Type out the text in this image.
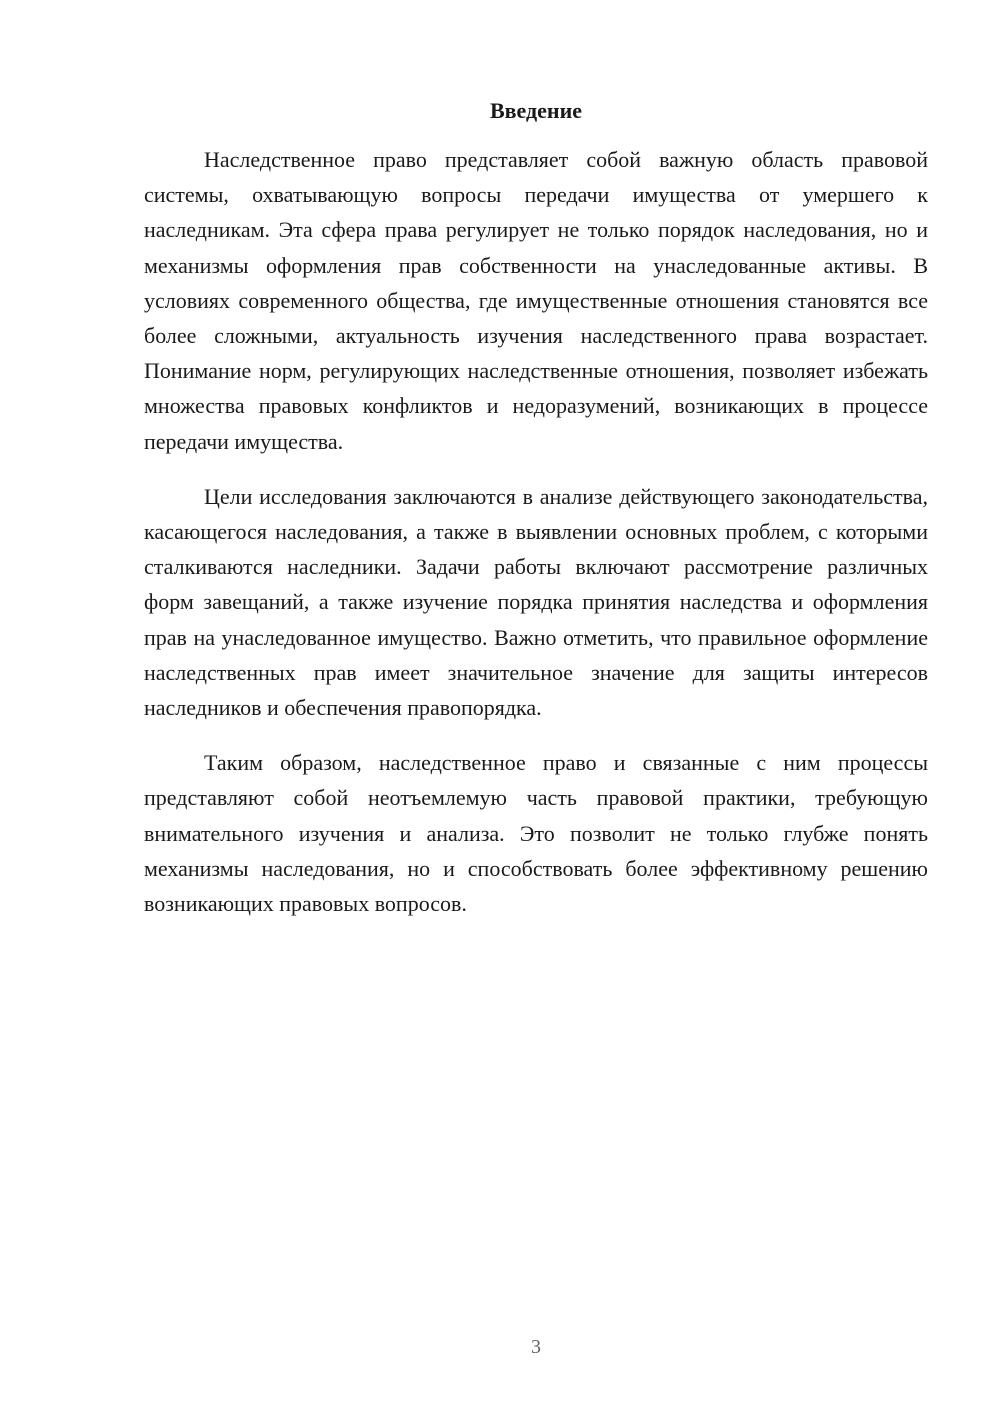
Введение

Наследственное право представляет собой важную область правовой системы, охватывающую вопросы передачи имущества от умершего к наследникам. Эта сфера права регулирует не только порядок наследования, но и механизмы оформления прав собственности на унаследованные активы. В условиях современного общества, где имущественные отношения становятся все более сложными, актуальность изучения наследственного права возрастает. Понимание норм, регулирующих наследственные отношения, позволяет избежать множества правовых конфликтов и недоразумений, возникающих в процессе передачи имущества.

Цели исследования заключаются в анализе действующего законодательства, касающегося наследования, а также в выявлении основных проблем, с которыми сталкиваются наследники. Задачи работы включают рассмотрение различных форм завещаний, а также изучение порядка принятия наследства и оформления прав на унаследованное имущество. Важно отметить, что правильное оформление наследственных прав имеет значительное значение для защиты интересов наследников и обеспечения правопорядка.

Таким образом, наследственное право и связанные с ним процессы представляют собой неотъемлемую часть правовой практики, требующую внимательного изучения и анализа. Это позволит не только глубже понять механизмы наследования, но и способствовать более эффективному решению возникающих правовых вопросов.

3
